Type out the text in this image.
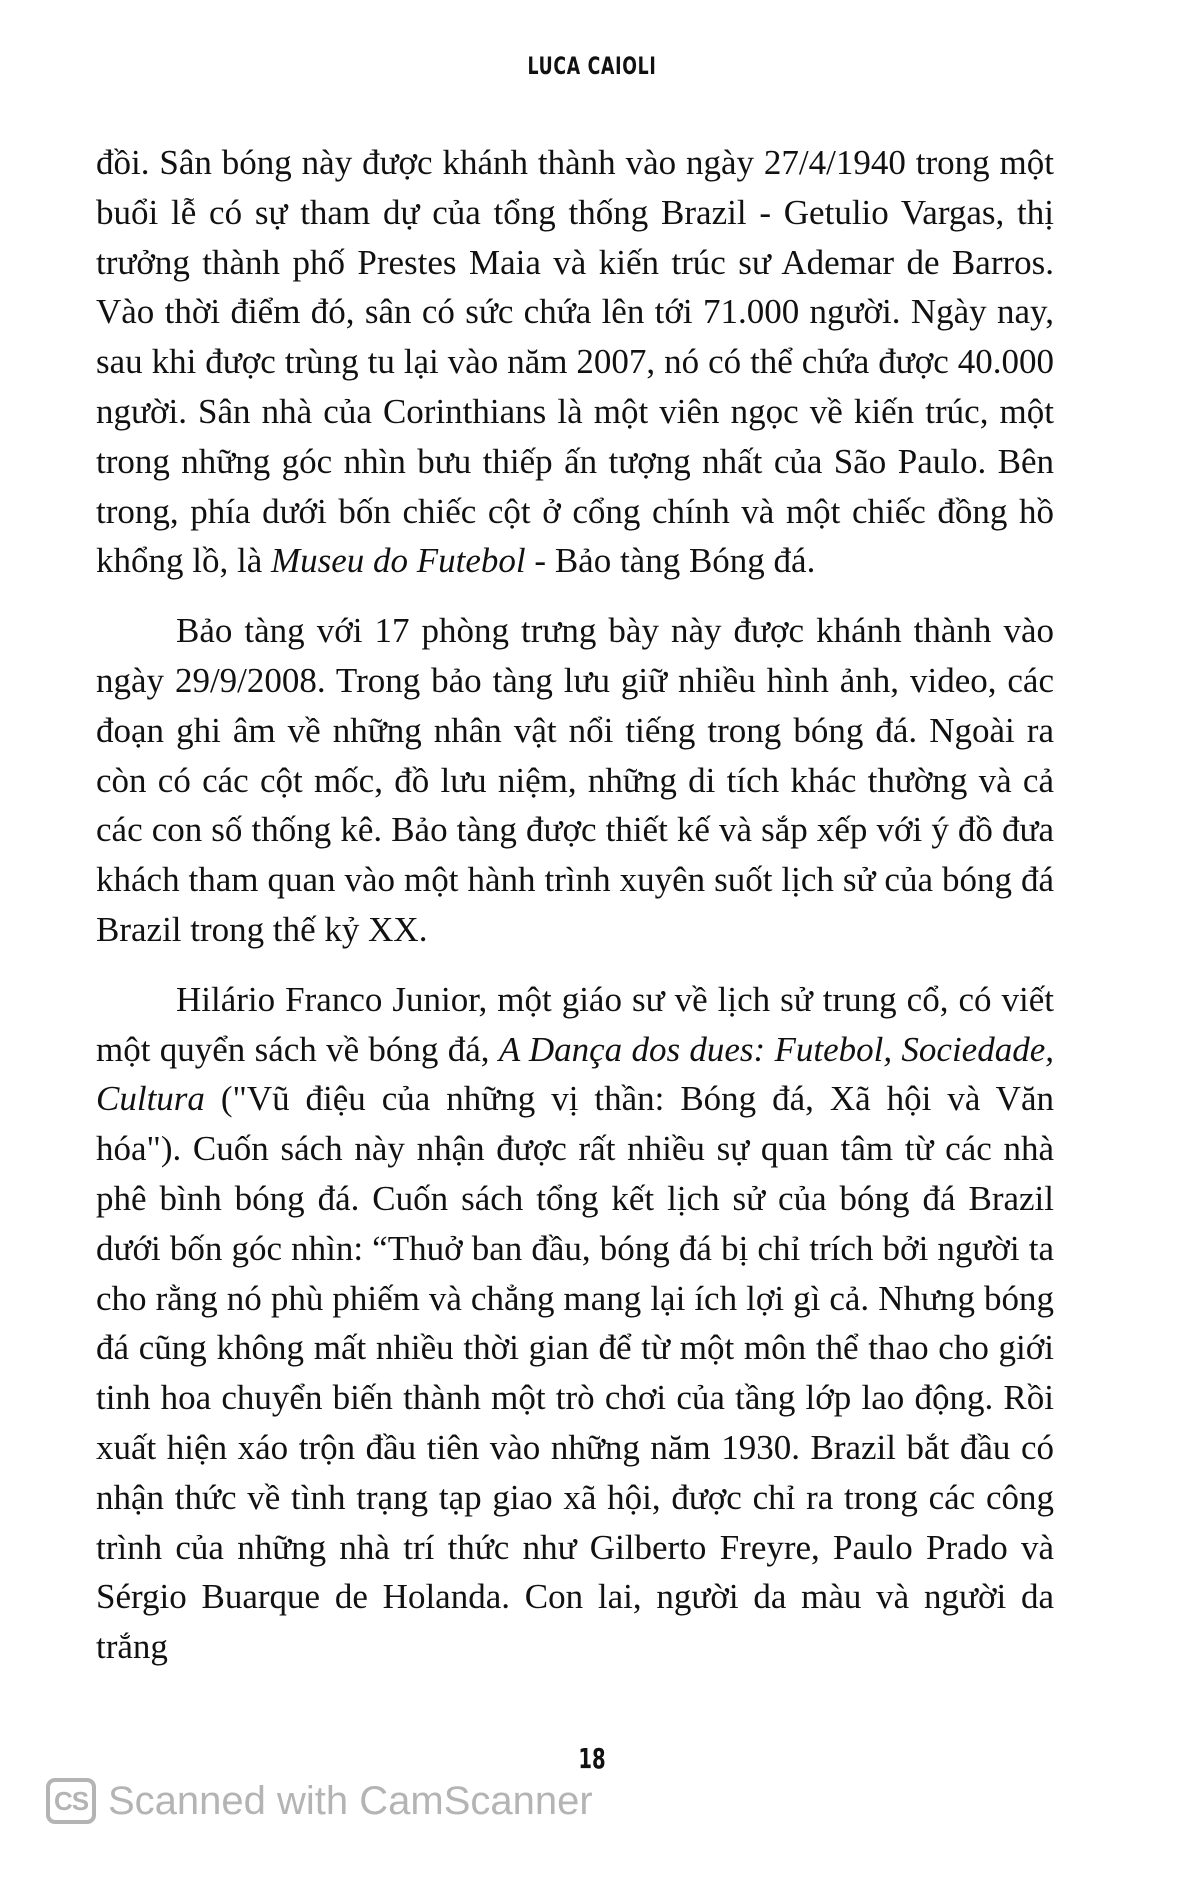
LUCA CAIOLI

đồi. Sân bóng này được khánh thành vào ngày 27/4/1940 trong một buổi lễ có sự tham dự của tổng thống Brazil - Getulio Vargas, thị trưởng thành phố Prestes Maia và kiến trúc sư Ademar de Barros. Vào thời điểm đó, sân có sức chứa lên tới 71.000 người. Ngày nay, sau khi được trùng tu lại vào năm 2007, nó có thể chứa được 40.000 người. Sân nhà của Corinthians là một viên ngọc về kiến trúc, một trong những góc nhìn bưu thiếp ấn tượng nhất của São Paulo. Bên trong, phía dưới bốn chiếc cột ở cổng chính và một chiếc đồng hồ khổng lồ, là Museu do Futebol - Bảo tàng Bóng đá.

Bảo tàng với 17 phòng trưng bày này được khánh thành vào ngày 29/9/2008. Trong bảo tàng lưu giữ nhiều hình ảnh, video, các đoạn ghi âm về những nhân vật nổi tiếng trong bóng đá. Ngoài ra còn có các cột mốc, đồ lưu niệm, những di tích khác thường và cả các con số thống kê. Bảo tàng được thiết kế và sắp xếp với ý đồ đưa khách tham quan vào một hành trình xuyên suốt lịch sử của bóng đá Brazil trong thế kỷ XX.

Hilário Franco Junior, một giáo sư về lịch sử trung cổ, có viết một quyển sách về bóng đá, A Dança dos dues: Futebol, Sociedade, Cultura ("Vũ điệu của những vị thần: Bóng đá, Xã hội và Văn hóa"). Cuốn sách này nhận được rất nhiều sự quan tâm từ các nhà phê bình bóng đá. Cuốn sách tổng kết lịch sử của bóng đá Brazil dưới bốn góc nhìn: “Thuở ban đầu, bóng đá bị chỉ trích bởi người ta cho rằng nó phù phiếm và chẳng mang lại ích lợi gì cả. Nhưng bóng đá cũng không mất nhiều thời gian để từ một môn thể thao cho giới tinh hoa chuyển biến thành một trò chơi của tầng lớp lao động. Rồi xuất hiện xáo trộn đầu tiên vào những năm 1930. Brazil bắt đầu có nhận thức về tình trạng tạp giao xã hội, được chỉ ra trong các công trình của những nhà trí thức như Gilberto Freyre, Paulo Prado và Sérgio Buarque de Holanda. Con lai, người da màu và người da trắng

18
CS Scanned with CamScanner
